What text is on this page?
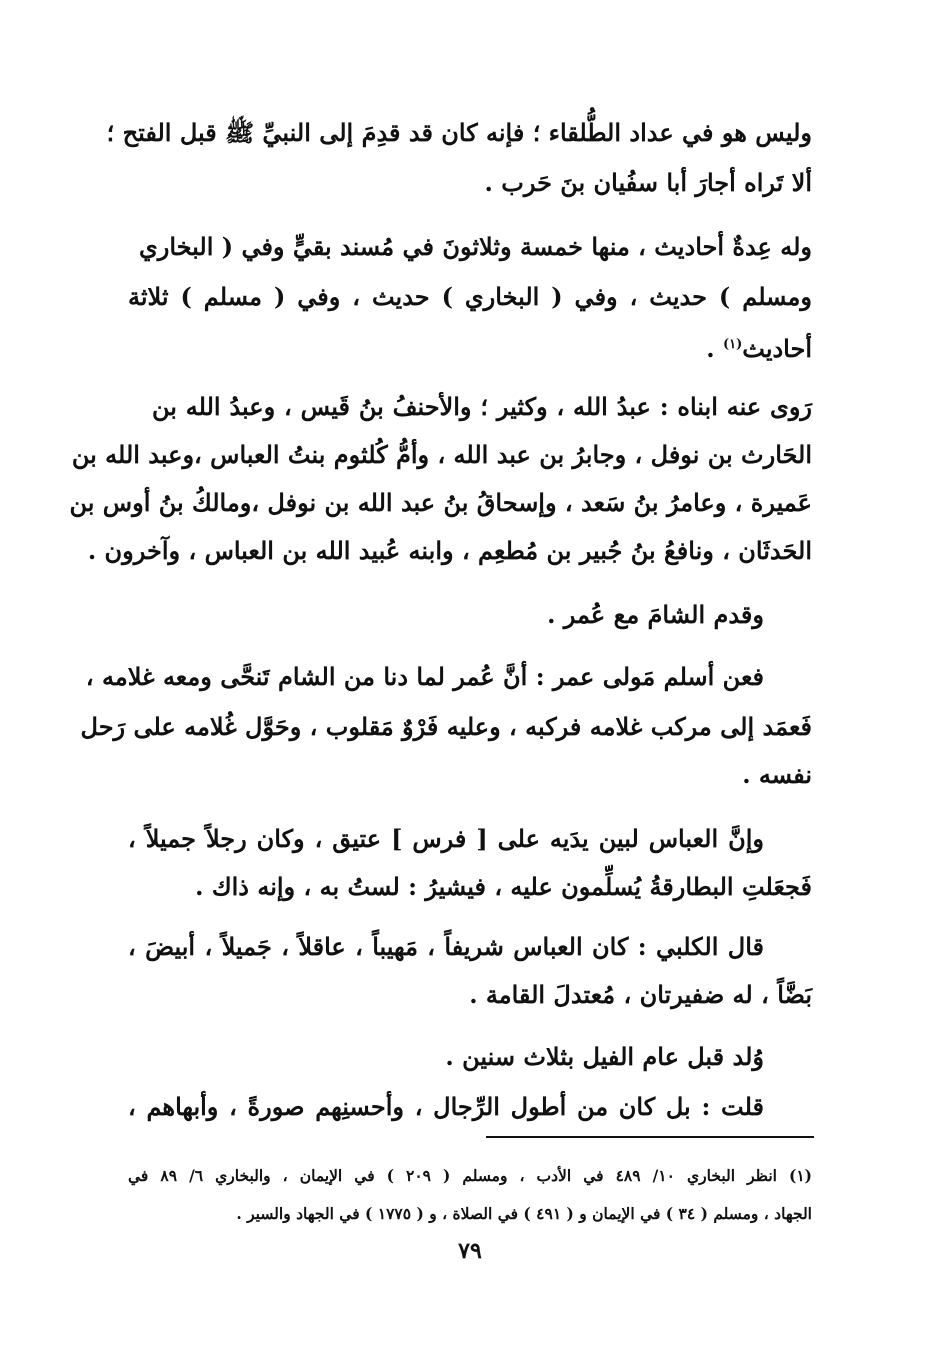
وليس هو في عداد الطُّلقاء ؛ فإنه كان قد قدِمَ إلى النبيِّ ﷺ قبل الفتح ؛
ألا تَراه أجارَ أبا سفُيان بنَ حَرب .
وله عِدةٌ أحاديث ، منها خمسة وثلاثونَ في مُسند بقيٍّ وفي ( البخاري
ومسلم ) حديث ، وفي ( البخاري ) حديث ، وفي ( مسلم ) ثلاثة
أحاديث$^{(١)}$ .
رَوى عنه ابناه : عبدُ الله ، وكثير ؛ والأحنفُ بنُ قَيس ، وعبدُ الله بن
الحَارث بن نوفل ، وجابرُ بن عبد الله ، وأمُّ كُلثوم بنتُ العباس ،وعبد الله بن
عَميرة ، وعامرُ بنُ سَعد ، وإسحاقُ بنُ عبد الله بن نوفل ،ومالكُ بنُ أوس بن
الحَدثَان ، ونافعُ بنُ جُبير بن مُطعِم ، وابنه عُبيد الله بن العباس ، وآخرون .
وقدم الشامَ مع عُمر .
فعن أسلم مَولى عمر : أنَّ عُمر لما دنا من الشام تَنحَّى ومعه غلامه ،
فَعمَد إلى مركب غلامه فركبه ، وعليه فَرْوٌ مَقلوب ، وحَوَّل غُلامه على رَحل
نفسه .
وإنَّ العباس لبين يدَيه على [ فرس ] عتيق ، وكان رجلاً جميلاً ،
فَجعَلتِ البطارقةُ يُسلِّمون عليه ، فيشيرُ : لستُ به ، وإنه ذاك .
قال الكلبي : كان العباس شريفاً ، مَهيباً ، عاقلاً ، جَميلاً ، أبيضَ ،
بَضَّاً ، له ضفيرتان ، مُعتدلَ القامة .
وُلد قبل عام الفيل بثلاث سنين .
قلت : بل كان من أطول الرِّجال ، وأحسنِهم صورةً ، وأبهاهم ،
(١) انظر البخاري ١٠/ ٤٨٩ في الأدب ، ومسلم ( ٢٠٩ ) في الإيمان ، والبخاري ٦/ ٨٩ في
الجهاد ، ومسلم ( ٣٤ ) في الإيمان و ( ٤٩١ ) في الصلاة ، و ( ١٧٧٥ ) في الجهاد والسير .
٧٩
